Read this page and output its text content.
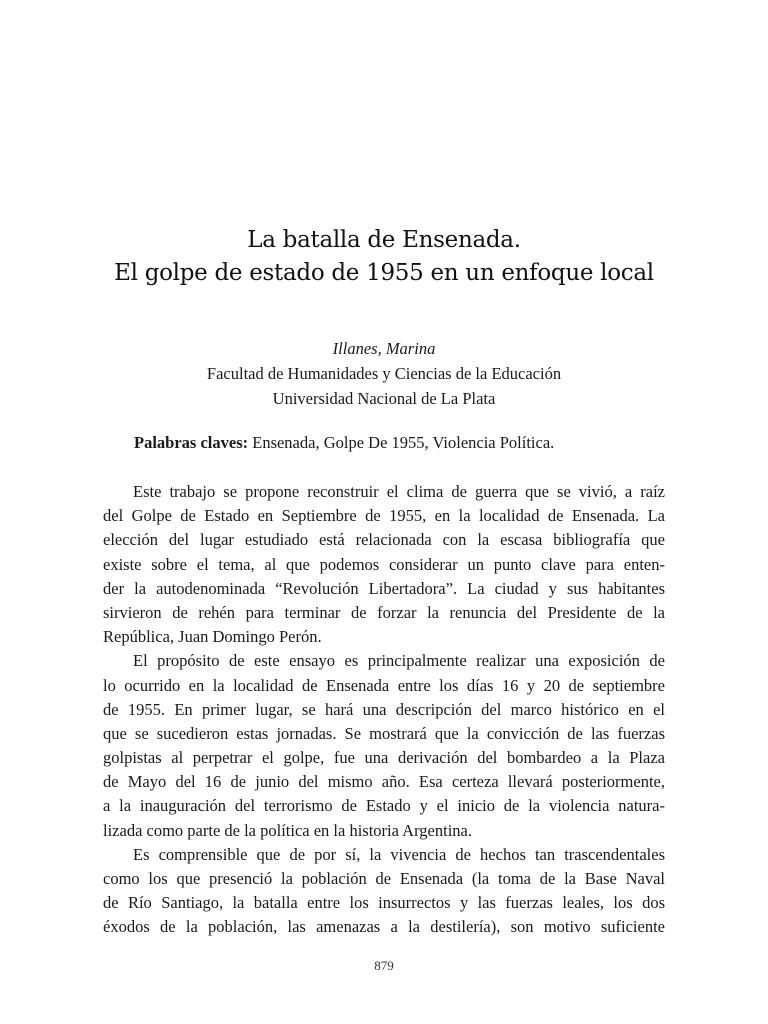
La batalla de Ensenada.
El golpe de estado de 1955 en un enfoque local
Illanes, Marina
Facultad de Humanidades y Ciencias de la Educación
Universidad Nacional de La Plata
Palabras claves: Ensenada, Golpe De 1955, Violencia Política.
Este trabajo se propone reconstruir el clima de guerra que se vivió, a raíz
del Golpe de Estado en Septiembre de 1955, en la localidad de Ensenada. La
elección del lugar estudiado está relacionada con la escasa bibliografía que
existe sobre el tema, al que podemos considerar un punto clave para enten-
der la autodenominada “Revolución Libertadora”. La ciudad y sus habitantes
sirvieron de rehén para terminar de forzar la renuncia del Presidente de la
República, Juan Domingo Perón.
El propósito de este ensayo es principalmente realizar una exposición de
lo ocurrido en la localidad de Ensenada entre los días 16 y 20 de septiembre
de 1955. En primer lugar, se hará una descripción del marco histórico en el
que se sucedieron estas jornadas. Se mostrará que la convicción de las fuerzas
golpistas al perpetrar el golpe, fue una derivación del bombardeo a la Plaza
de Mayo del 16 de junio del mismo año. Esa certeza llevará posteriormente,
a la inauguración del terrorismo de Estado y el inicio de la violencia natura-
lizada como parte de la política en la historia Argentina.
Es comprensible que de por sí, la vivencia de hechos tan trascendentales
como los que presenció la población de Ensenada (la toma de la Base Naval
de Río Santiago, la batalla entre los insurrectos y las fuerzas leales, los dos
éxodos de la población, las amenazas a la destilería), son motivo suficiente
879
